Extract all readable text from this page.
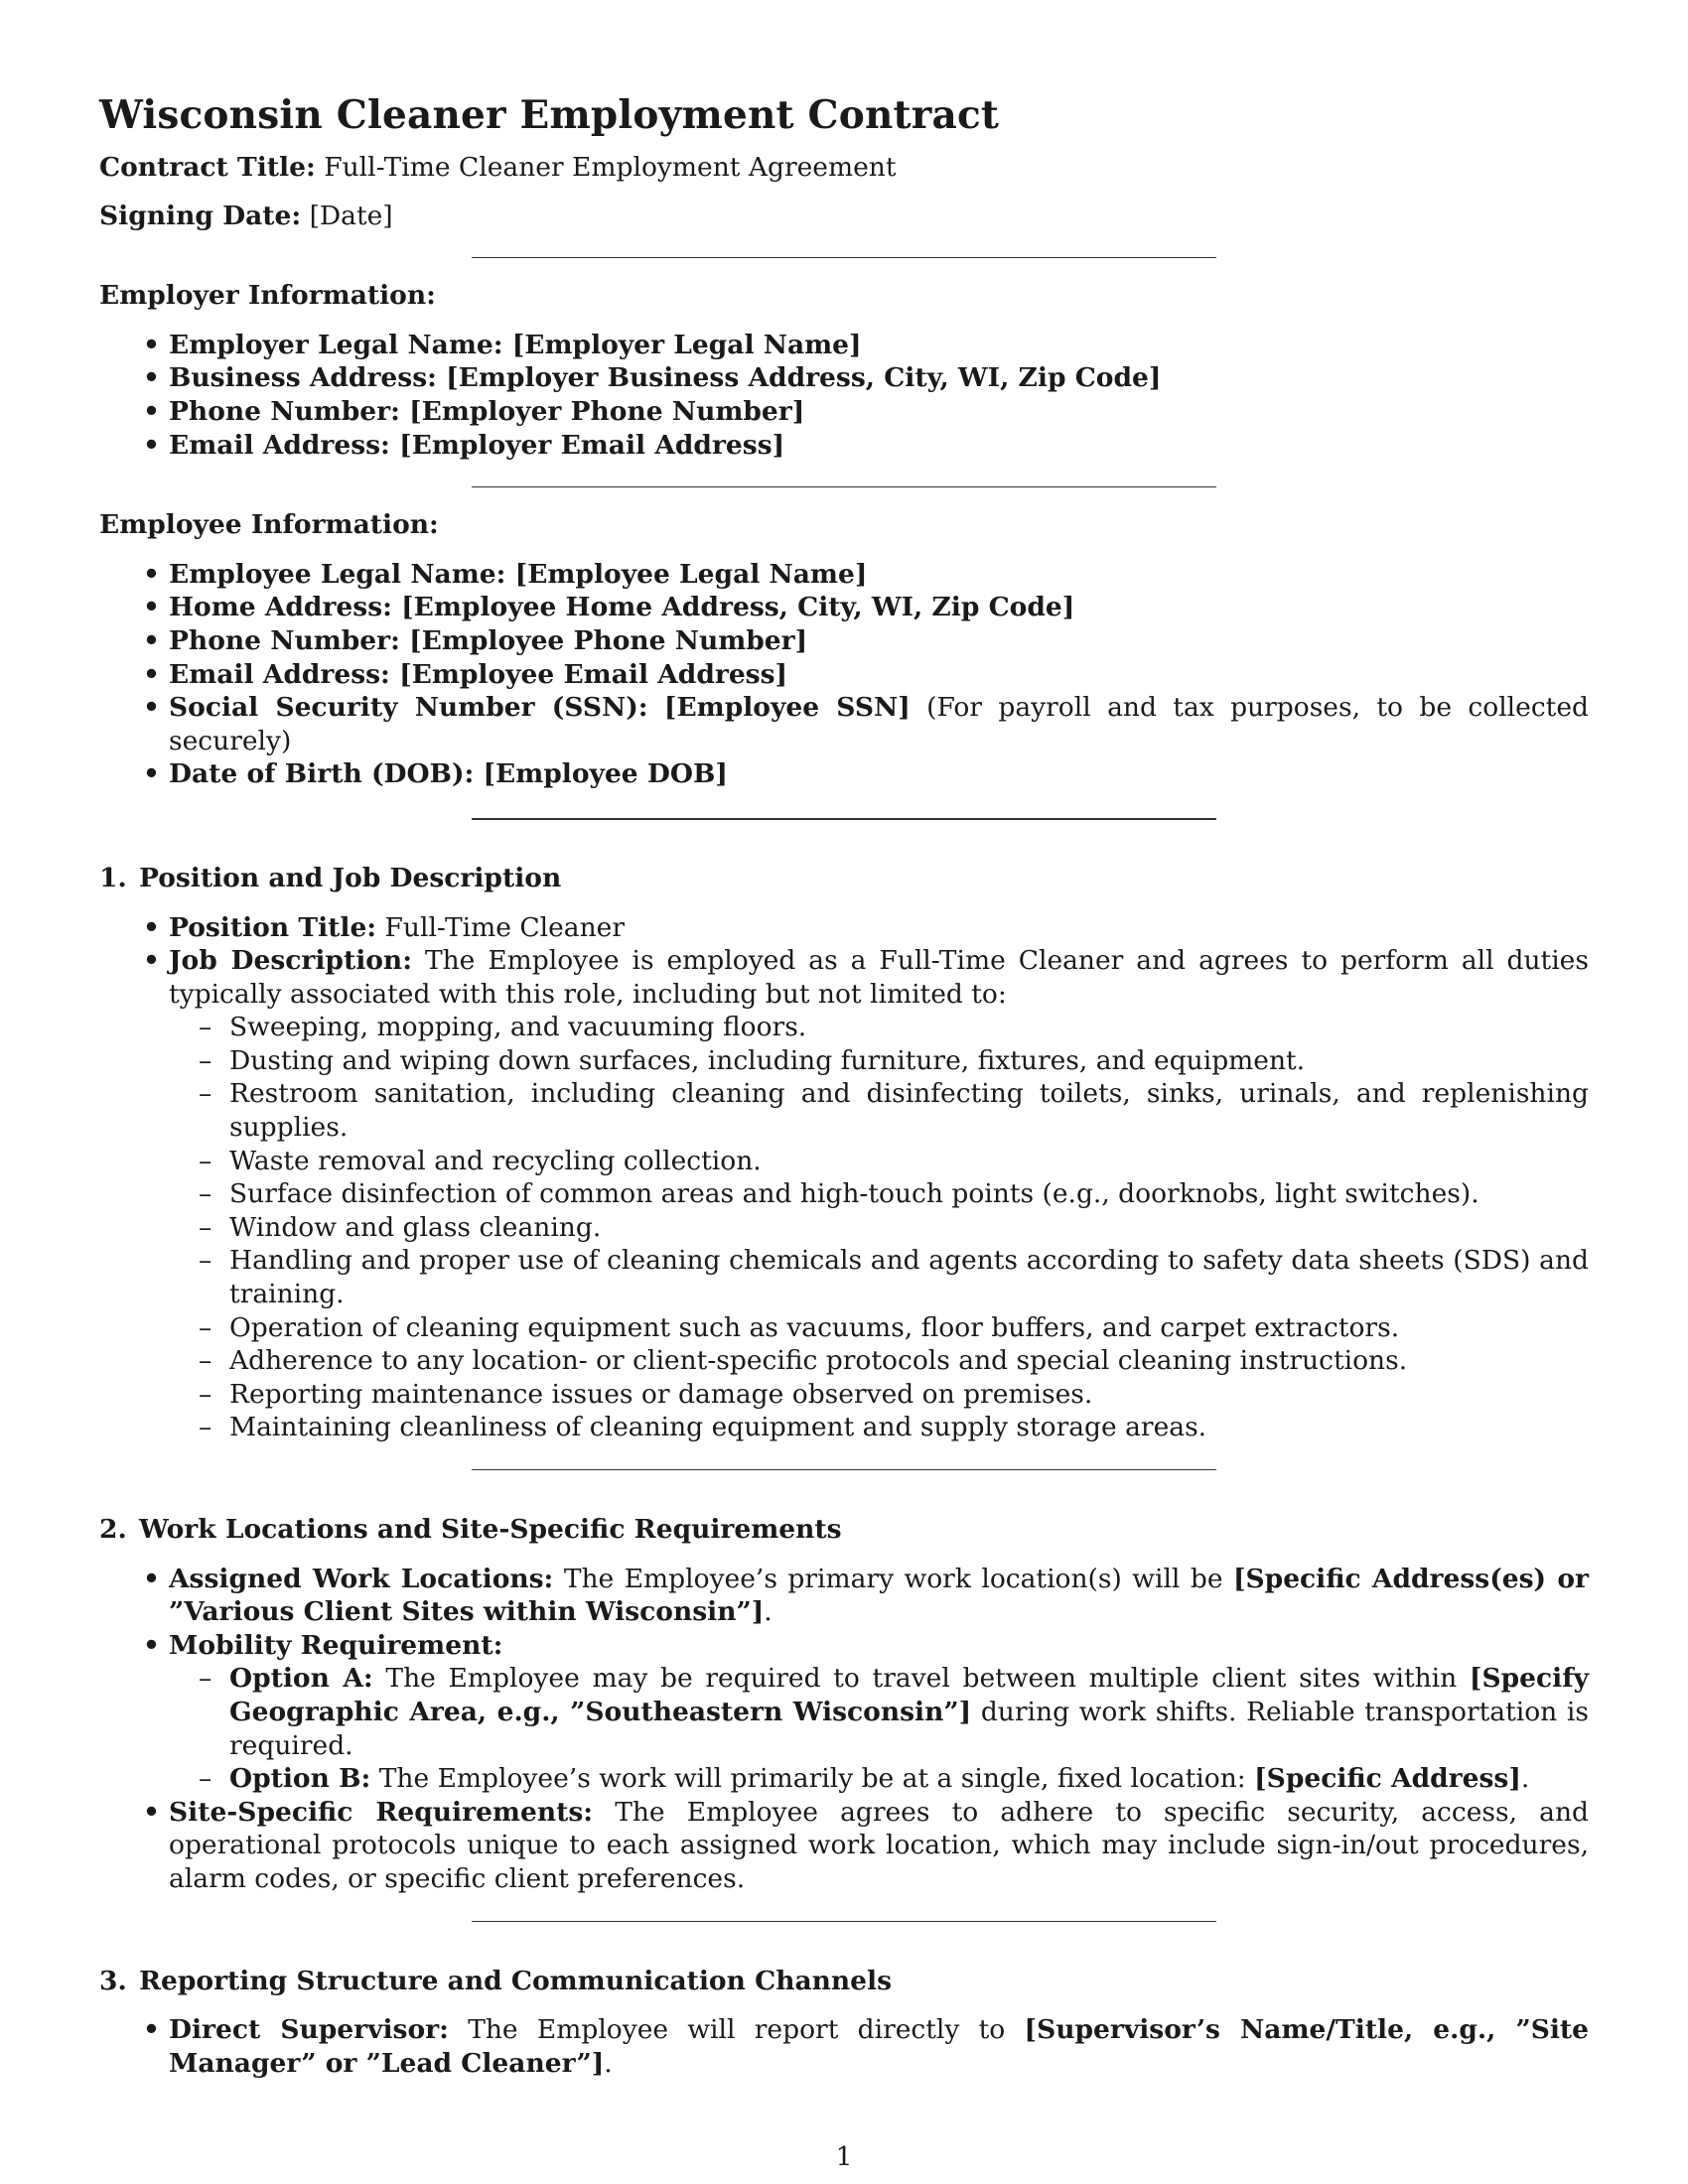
Wisconsin Cleaner Employment Contract

Contract Title: Full-Time Cleaner Employment Agreement

Signing Date: [Date]

Employer Information:

• Employer Legal Name: [Employer Legal Name]
• Business Address: [Employer Business Address, City, WI, Zip Code]
• Phone Number: [Employer Phone Number]
• Email Address: [Employer Email Address]

Employee Information:

• Employee Legal Name: [Employee Legal Name]
• Home Address: [Employee Home Address, City, WI, Zip Code]
• Phone Number: [Employee Phone Number]
• Email Address: [Employee Email Address]
• Social Security Number (SSN): [Employee SSN] (For payroll and tax purposes, to be collected securely)
• Date of Birth (DOB): [Employee DOB]

1. Position and Job Description

• Position Title: Full-Time Cleaner
• Job Description: The Employee is employed as a Full-Time Cleaner and agrees to perform all duties typically associated with this role, including but not limited to:
– Sweeping, mopping, and vacuuming floors.
– Dusting and wiping down surfaces, including furniture, fixtures, and equipment.
– Restroom sanitation, including cleaning and disinfecting toilets, sinks, urinals, and replenishing supplies.
– Waste removal and recycling collection.
– Surface disinfection of common areas and high-touch points (e.g., doorknobs, light switches).
– Window and glass cleaning.
– Handling and proper use of cleaning chemicals and agents according to safety data sheets (SDS) and training.
– Operation of cleaning equipment such as vacuums, floor buffers, and carpet extractors.
– Adherence to any location- or client-specific protocols and special cleaning instructions.
– Reporting maintenance issues or damage observed on premises.
– Maintaining cleanliness of cleaning equipment and supply storage areas.

2. Work Locations and Site-Specific Requirements

• Assigned Work Locations: The Employee’s primary work location(s) will be [Specific Address(es) or ”Various Client Sites within Wisconsin”].
• Mobility Requirement:
– Option A: The Employee may be required to travel between multiple client sites within [Specify Geographic Area, e.g., ”Southeastern Wisconsin”] during work shifts. Reliable transportation is required.
– Option B: The Employee’s work will primarily be at a single, fixed location: [Specific Address].
• Site-Specific Requirements: The Employee agrees to adhere to specific security, access, and operational protocols unique to each assigned work location, which may include sign-in/out procedures, alarm codes, or specific client preferences.

3. Reporting Structure and Communication Channels

• Direct Supervisor: The Employee will report directly to [Supervisor’s Name/Title, e.g., ”Site Manager” or ”Lead Cleaner”].
1
